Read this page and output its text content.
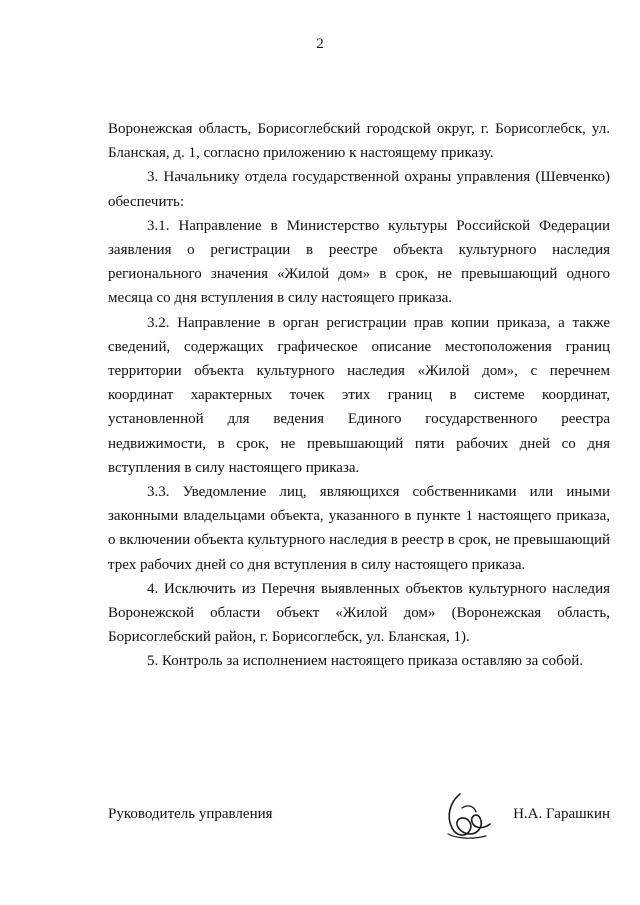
2

Воронежская область, Борисоглебский городской округ, г. Борисоглебск, ул. Бланская, д. 1, согласно приложению к настоящему приказу.

3. Начальнику отдела государственной охраны управления (Шевченко) обеспечить:

3.1. Направление в Министерство культуры Российской Федерации заявления о регистрации в реестре объекта культурного наследия регионального значения «Жилой дом» в срок, не превышающий одного месяца со дня вступления в силу настоящего приказа.

3.2. Направление в орган регистрации прав копии приказа, а также сведений, содержащих графическое описание местоположения границ территории объекта культурного наследия «Жилой дом», с перечнем координат характерных точек этих границ в системе координат, установленной для ведения Единого государственного реестра недвижимости, в срок, не превышающий пяти рабочих дней со дня вступления в силу настоящего приказа.

3.3. Уведомление лиц, являющихся собственниками или иными законными владельцами объекта, указанного в пункте 1 настоящего приказа, о включении объекта культурного наследия в реестр в срок, не превышающий трех рабочих дней со дня вступления в силу настоящего приказа.

4. Исключить из Перечня выявленных объектов культурного наследия Воронежской области объект «Жилой дом» (Воронежская область, Борисоглебский район, г. Борисоглебск, ул. Бланская, 1).

5. Контроль за исполнением настоящего приказа оставляю за собой.

Руководитель управления	Н.А. Гарашкин
